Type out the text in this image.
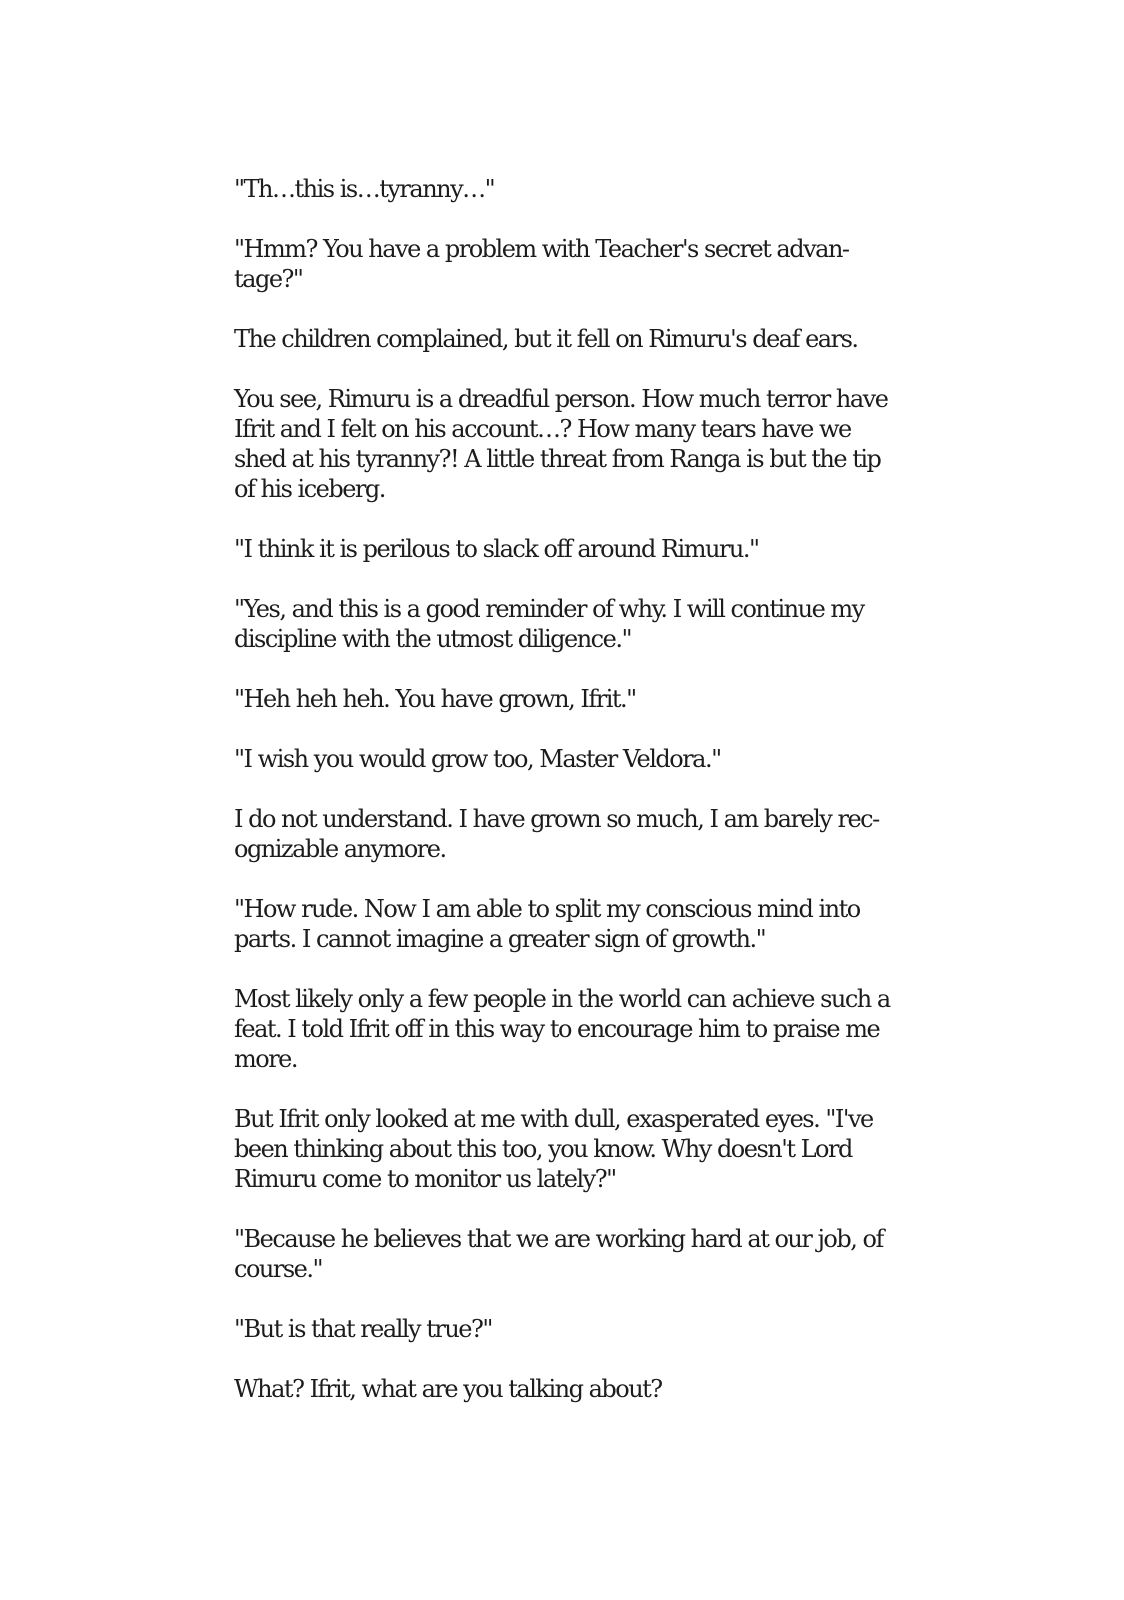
"Th…this is…tyranny…"

"Hmm? You have a problem with Teacher's secret advan-
tage?"

The children complained, but it fell on Rimuru's deaf ears.

You see, Rimuru is a dreadful person. How much terror have
Ifrit and I felt on his account…? How many tears have we
shed at his tyranny?! A little threat from Ranga is but the tip
of his iceberg.

"I think it is perilous to slack off around Rimuru."

"Yes, and this is a good reminder of why. I will continue my
discipline with the utmost diligence."

"Heh heh heh. You have grown, Ifrit."

"I wish you would grow too, Master Veldora."

I do not understand. I have grown so much, I am barely rec-
ognizable anymore.

"How rude. Now I am able to split my conscious mind into
parts. I cannot imagine a greater sign of growth."

Most likely only a few people in the world can achieve such a
feat. I told Ifrit off in this way to encourage him to praise me
more.

But Ifrit only looked at me with dull, exasperated eyes. "I've
been thinking about this too, you know. Why doesn't Lord
Rimuru come to monitor us lately?"

"Because he believes that we are working hard at our job, of
course."

"But is that really true?"

What? Ifrit, what are you talking about?
